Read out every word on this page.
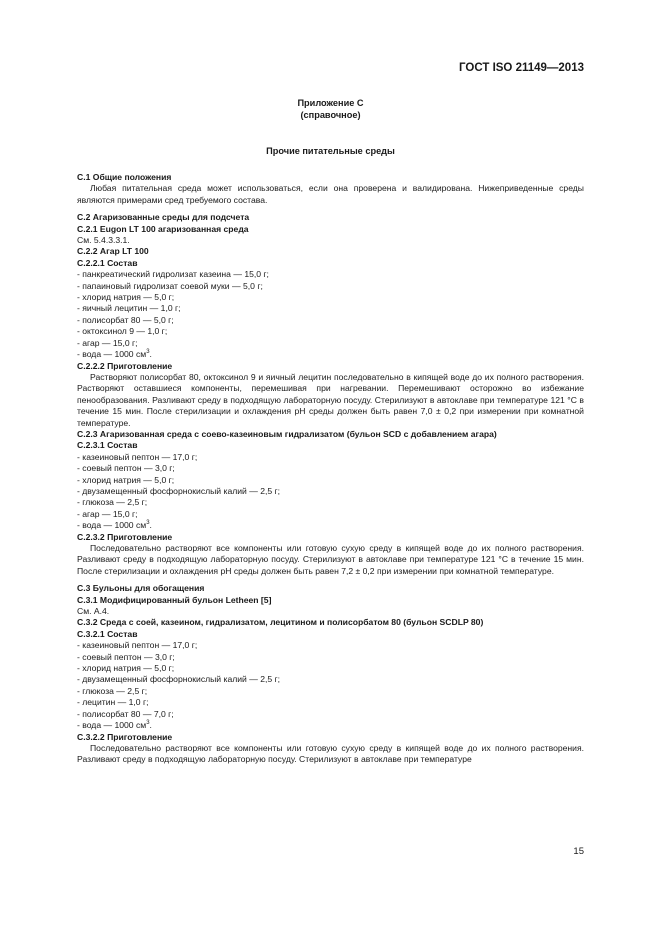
ГОСТ ISO 21149—2013
Приложение С
(справочное)
Прочие питательные среды
С.1 Общие положения
Любая питательная среда может использоваться, если она проверена и валидирована. Нижеприведенные среды являются примерами сред требуемого состава.
С.2 Агаризованные среды для подсчета
С.2.1 Eugon LT 100 агаризованная среда
См. 5.4.3.3.1.
С.2.2 Агар LT 100
С.2.2.1 Состав
- панкреатический гидролизат казеина — 15,0 г;
- папаиновый гидролизат соевой муки — 5,0 г;
- хлорид натрия — 5,0 г;
- яичный лецитин — 1,0 г;
- полисорбат 80 — 5,0 г;
- октоксинол 9 — 1,0 г;
- агар — 15,0 г;
- вода — 1000 $см^3$.
С.2.2.2 Приготовление
Растворяют полисорбат 80, октоксинол 9 и яичный лецитин последовательно в кипящей воде до их полного растворения. Растворяют оставшиеся компоненты, перемешивая при нагревании. Перемешивают осторожно во избежание пенообразования. Разливают среду в подходящую лабораторную посуду. Стерилизуют в автоклаве при температуре 121 °C в течение 15 мин. После стерилизации и охлаждения pH среды должен быть равен 7,0 ± 0,2 при измерении при комнатной температуре.
С.2.3 Агаризованная среда с соево-казеиновым гидрализатом (бульон SCD с добавлением агара)
С.2.3.1 Состав
- казеиновый пептон — 17,0 г;
- соевый пептон — 3,0 г;
- хлорид натрия — 5,0 г;
- двузамещенный фосфорнокислый калий — 2,5 г;
- глюкоза — 2,5 г;
- агар — 15,0 г;
- вода — 1000 $см^3$.
С.2.3.2 Приготовление
Последовательно растворяют все компоненты или готовую сухую среду в кипящей воде до их полного растворения. Разливают среду в подходящую лабораторную посуду. Стерилизуют в автоклаве при температуре 121 °C в течение 15 мин. После стерилизации и охлаждения pH среды должен быть равен 7,2 ± 0,2 при измерении при комнатной температуре.
С.3 Бульоны для обогащения
С.3.1 Модифицированный бульон Letheen [5]
См. А.4.
С.3.2 Среда с соей, казеином, гидрализатом, лецитином и полисорбатом 80 (бульон SCDLP 80)
С.3.2.1 Состав
- казеиновый пептон — 17,0 г;
- соевый пептон — 3,0 г;
- хлорид натрия — 5,0 г;
- двузамещенный фосфорнокислый калий — 2,5 г;
- глюкоза — 2,5 г;
- лецитин — 1,0 г;
- полисорбат 80 — 7,0 г;
- вода — 1000 $см^3$.
С.3.2.2 Приготовление
Последовательно растворяют все компоненты или готовую сухую среду в кипящей воде до их полного растворения. Разливают среду в подходящую лабораторную посуду. Стерилизуют в автоклаве при температуре
15
